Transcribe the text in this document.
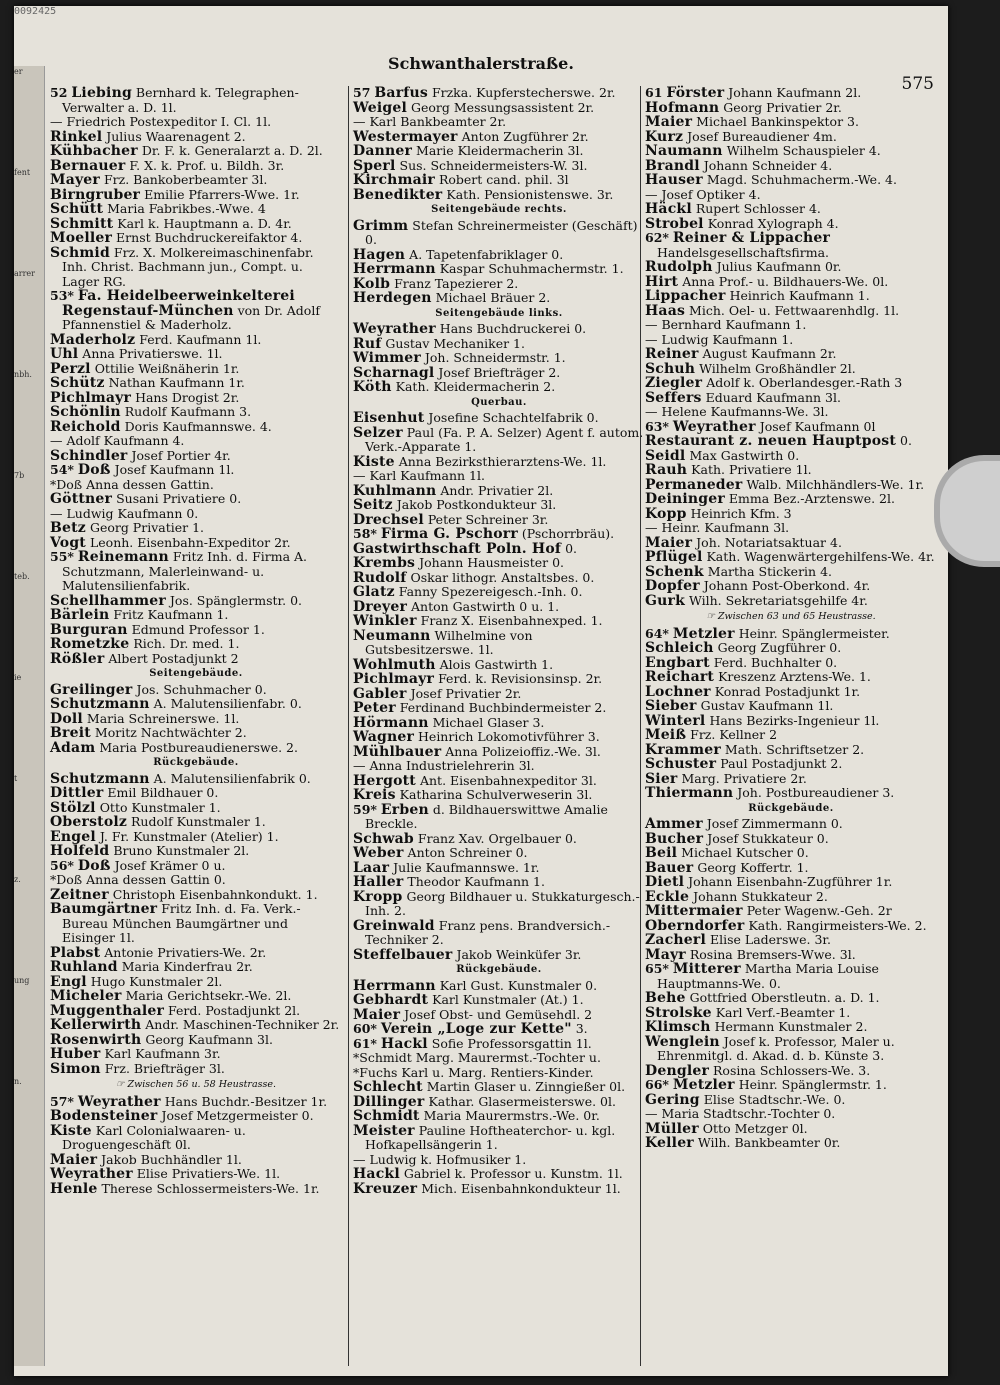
0092425
er
fent
arrer
nbh.
7b
teb.
ie
t
z.
ung
n.
Schwanthalerstraße.
575
52 Liebing Bernhard k. Telegraphen-Verwalter a. D. 1l.
— Friedrich Postexpeditor I. Cl. 1l.
Rinkel Julius Waarenagent 2.
Kühbacher Dr. F. k. Generalarzt a. D. 2l.
Bernauer F. X. k. Prof. u. Bildh. 3r.
Mayer Frz. Bankoberbeamter 3l.
Birngruber Emilie Pfarrers-Wwe. 1r.
Schütt Maria Fabrikbes.-Wwe. 4
Schmitt Karl k. Hauptmann a. D. 4r.
Moeller Ernst Buchdruckereifaktor 4.
Schmid Frz. X. Molkereimaschinenfabr. Inh. Christ. Bachmann jun., Compt. u. Lager RG.
53* Fa. Heidelbeerweinkelterei Regenstauf-München von Dr. Adolf Pfannenstiel & Maderholz.
Maderholz Ferd. Kaufmann 1l.
Uhl Anna Privatierswe. 1l.
Perzl Ottilie Weißnäherin 1r.
Schütz Nathan Kaufmann 1r.
Pichlmayr Hans Drogist 2r.
Schönlin Rudolf Kaufmann 3.
Reichold Doris Kaufmannswe. 4.
— Adolf Kaufmann 4.
Schindler Josef Portier 4r.
54* Doß Josef Kaufmann 1l.
*Doß Anna dessen Gattin.
Göttner Susani Privatiere 0.
— Ludwig Kaufmann 0.
Betz Georg Privatier 1.
Vogt Leonh. Eisenbahn-Expeditor 2r.
55* Reinemann Fritz Inh. d. Firma A. Schutzmann, Malerleinwand- u. Malutensilienfabrik.
Schellhammer Jos. Spänglermstr. 0.
Bärlein Fritz Kaufmann 1.
Burguran Edmund Professor 1.
Rometzke Rich. Dr. med. 1.
Rößler Albert Postadjunkt 2
Seitengebäude.
Greilinger Jos. Schuhmacher 0.
Schutzmann A. Malutensilienfabr. 0.
Doll Maria Schreinerswe. 1l.
Breit Moritz Nachtwächter 2.
Adam Maria Postbureaudienerswe. 2.
Rückgebäude.
Schutzmann A. Malutensilienfabrik 0.
Dittler Emil Bildhauer 0.
Stölzl Otto Kunstmaler 1.
Oberstolz Rudolf Kunstmaler 1.
Engel J. Fr. Kunstmaler (Atelier) 1.
Holfeld Bruno Kunstmaler 2l.
56* Doß Josef Krämer 0 u.
*Doß Anna dessen Gattin 0.
Zeitner Christoph Eisenbahnkondukt. 1.
Baumgärtner Fritz Inh. d. Fa. Verk.-Bureau München Baumgärtner und Eisinger 1l.
Plabst Antonie Privatiers-We. 2r.
Ruhland Maria Kinderfrau 2r.
Engl Hugo Kunstmaler 2l.
Micheler Maria Gerichtsekr.-We. 2l.
Muggenthaler Ferd. Postadjunkt 2l.
Kellerwirth Andr. Maschinen-Techniker 2r.
Rosenwirth Georg Kaufmann 3l.
Huber Karl Kaufmann 3r.
Simon Frz. Briefträger 3l.
☞ Zwischen 56 u. 58 Heustrasse.
57* Weyrather Hans Buchdr.-Besitzer 1r.
Bodensteiner Josef Metzgermeister 0.
Kiste Karl Colonialwaaren- u. Droguengeschäft 0l.
Maier Jakob Buchhändler 1l.
Weyrather Elise Privatiers-We. 1l.
Henle Therese Schlossermeisters-We. 1r.
57 Barfus Frzka. Kupferstecherswe. 2r.
Weigel Georg Messungsassistent 2r.
— Karl Bankbeamter 2r.
Westermayer Anton Zugführer 2r.
Danner Marie Kleidermacherin 3l.
Sperl Sus. Schneidermeisters-W. 3l.
Kirchmair Robert cand. phil. 3l
Benedikter Kath. Pensionistenswe. 3r.
Seitengebäude rechts.
Grimm Stefan Schreinermeister (Geschäft) 0.
Hagen A. Tapetenfabriklager 0.
Herrmann Kaspar Schuhmachermstr. 1.
Kolb Franz Tapezierer 2.
Herdegen Michael Bräuer 2.
Seitengebäude links.
Weyrather Hans Buchdruckerei 0.
Ruf Gustav Mechaniker 1.
Wimmer Joh. Schneidermstr. 1.
Scharnagl Josef Briefträger 2.
Köth Kath. Kleidermacherin 2.
Querbau.
Eisenhut Josefine Schachtelfabrik 0.
Selzer Paul (Fa. P. A. Selzer) Agent f. autom. Verk.-Apparate 1.
Kiste Anna Bezirksthierarztens-We. 1l.
— Karl Kaufmann 1l.
Kuhlmann Andr. Privatier 2l.
Seitz Jakob Postkondukteur 3l.
Drechsel Peter Schreiner 3r.
58* Firma G. Pschorr (Pschorrbräu).
Gastwirthschaft Poln. Hof 0.
Krembs Johann Hausmeister 0.
Rudolf Oskar lithogr. Anstaltsbes. 0.
Glatz Fanny Spezereigesch.-Inh. 0.
Dreyer Anton Gastwirth 0 u. 1.
Winkler Franz X. Eisenbahnexped. 1.
Neumann Wilhelmine von Gutsbesitzerswe. 1l.
Wohlmuth Alois Gastwirth 1.
Pichlmayr Ferd. k. Revisionsinsp. 2r.
Gabler Josef Privatier 2r.
Peter Ferdinand Buchbindermeister 2.
Hörmann Michael Glaser 3.
Wagner Heinrich Lokomotivführer 3.
Mühlbauer Anna Polizeioffiz.-We. 3l.
— Anna Industrielehrerin 3l.
Hergott Ant. Eisenbahnexpeditor 3l.
Kreis Katharina Schulverweserin 3l.
59* Erben d. Bildhauerswittwe Amalie Breckle.
Schwab Franz Xav. Orgelbauer 0.
Weber Anton Schreiner 0.
Laar Julie Kaufmannswe. 1r.
Haller Theodor Kaufmann 1.
Kropp Georg Bildhauer u. Stukkaturgesch.-Inh. 2.
Greinwald Franz pens. Brandversich.-Techniker 2.
Steffelbauer Jakob Weinküfer 3r.
Rückgebäude.
Herrmann Karl Gust. Kunstmaler 0.
Gebhardt Karl Kunstmaler (At.) 1.
Maier Josef Obst- und Gemüsehdl. 2
60* Verein „Loge zur Kette" 3.
61* Hackl Sofie Professorsgattin 1l.
*Schmidt Marg. Maurermst.-Tochter u.
*Fuchs Karl u. Marg. Rentiers-Kinder.
Schlecht Martin Glaser u. Zinngießer 0l.
Dillinger Kathar. Glasermeisterswe. 0l.
Schmidt Maria Maurermstrs.-We. 0r.
Meister Pauline Hoftheaterchor- u. kgl. Hofkapellsängerin 1.
— Ludwig k. Hofmusiker 1.
Hackl Gabriel k. Professor u. Kunstm. 1l.
Kreuzer Mich. Eisenbahnkondukteur 1l.
61 Förster Johann Kaufmann 2l.
Hofmann Georg Privatier 2r.
Maier Michael Bankinspektor 3.
Kurz Josef Bureaudiener 4m.
Naumann Wilhelm Schauspieler 4.
Brandl Johann Schneider 4.
Hauser Magd. Schuhmacherm.-We. 4.
— Josef Optiker 4.
Häckl Rupert Schlosser 4.
Strobel Konrad Xylograph 4.
62* Reiner & Lippacher Handelsgesellschaftsfirma.
Rudolph Julius Kaufmann 0r.
Hirt Anna Prof.- u. Bildhauers-We. 0l.
Lippacher Heinrich Kaufmann 1.
Haas Mich. Oel- u. Fettwaarenhdlg. 1l.
— Bernhard Kaufmann 1.
— Ludwig Kaufmann 1.
Reiner August Kaufmann 2r.
Schuh Wilhelm Großhändler 2l.
Ziegler Adolf k. Oberlandesger.-Rath 3
Seffers Eduard Kaufmann 3l.
— Helene Kaufmanns-We. 3l.
63* Weyrather Josef Kaufmann 0l
Restaurant z. neuen Hauptpost 0.
Seidl Max Gastwirth 0.
Rauh Kath. Privatiere 1l.
Permaneder Walb. Milchhändlers-We. 1r.
Deininger Emma Bez.-Arztenswe. 2l.
Kopp Heinrich Kfm. 3
— Heinr. Kaufmann 3l.
Maier Joh. Notariatsaktuar 4.
Pflügel Kath. Wagenwärtergehilfens-We. 4r.
Schenk Martha Stickerin 4.
Dopfer Johann Post-Oberkond. 4r.
Gurk Wilh. Sekretariatsgehilfe 4r.
☞ Zwischen 63 und 65 Heustrasse.
64* Metzler Heinr. Spänglermeister.
Schleich Georg Zugführer 0.
Engbart Ferd. Buchhalter 0.
Reichart Kreszenz Arztens-We. 1.
Lochner Konrad Postadjunkt 1r.
Sieber Gustav Kaufmann 1l.
Winterl Hans Bezirks-Ingenieur 1l.
Meiß Frz. Kellner 2
Krammer Math. Schriftsetzer 2.
Schuster Paul Postadjunkt 2.
Sier Marg. Privatiere 2r.
Thiermann Joh. Postbureaudiener 3.
Rückgebäude.
Ammer Josef Zimmermann 0.
Bucher Josef Stukkateur 0.
Beil Michael Kutscher 0.
Bauer Georg Koffertr. 1.
Dietl Johann Eisenbahn-Zugführer 1r.
Eckle Johann Stukkateur 2.
Mittermaier Peter Wagenw.-Geh. 2r
Oberndorfer Kath. Rangirmeisters-We. 2.
Zacherl Elise Laderswe. 3r.
Mayr Rosina Bremsers-Wwe. 3l.
65* Mitterer Martha Maria Louise Hauptmanns-We. 0.
Behe Gottfried Oberstleutn. a. D. 1.
Strolske Karl Verf.-Beamter 1.
Klimsch Hermann Kunstmaler 2.
Wenglein Josef k. Professor, Maler u. Ehrenmitgl. d. Akad. d. b. Künste 3.
Dengler Rosina Schlossers-We. 3.
66* Metzler Heinr. Spänglermstr. 1.
Gering Elise Stadtschr.-We. 0.
— Maria Stadtschr.-Tochter 0.
Müller Otto Metzger 0l.
Keller Wilh. Bankbeamter 0r.
